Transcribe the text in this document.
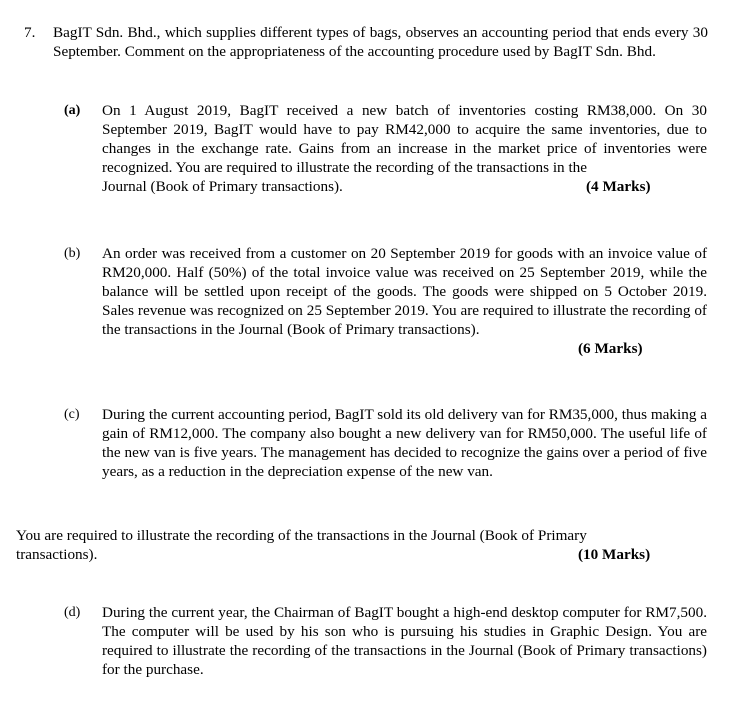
7. BagIT Sdn. Bhd., which supplies different types of bags, observes an accounting period that ends every 30 September. Comment on the appropriateness of the accounting procedure used by BagIT Sdn. Bhd.
(a) On 1 August 2019, BagIT received a new batch of inventories costing RM38,000. On 30 September 2019, BagIT would have to pay RM42,000 to acquire the same inventories, due to changes in the exchange rate. Gains from an increase in the market price of inventories were recognized. You are required to illustrate the recording of the transactions in the
Journal (Book of Primary transactions).	(4 Marks)
(b) An order was received from a customer on 20 September 2019 for goods with an invoice value of RM20,000. Half (50%) of the total invoice value was received on 25 September 2019, while the balance will be settled upon receipt of the goods. The goods were shipped on 5 October 2019. Sales revenue was recognized on 25 September 2019. You are required to illustrate the recording of the transactions in the Journal (Book of Primary transactions).
(6 Marks)
(c) During the current accounting period, BagIT sold its old delivery van for RM35,000, thus making a gain of RM12,000. The company also bought a new delivery van for RM50,000. The useful life of the new van is five years. The management has decided to recognize the gains over a period of five years, as a reduction in the depreciation expense of the new van.
You are required to illustrate the recording of the transactions in the Journal (Book of Primary
transactions).	(10 Marks)
(d) During the current year, the Chairman of BagIT bought a high-end desktop computer for RM7,500. The computer will be used by his son who is pursuing his studies in Graphic Design. You are required to illustrate the recording of the transactions in the Journal (Book of Primary transactions) for the purchase.
